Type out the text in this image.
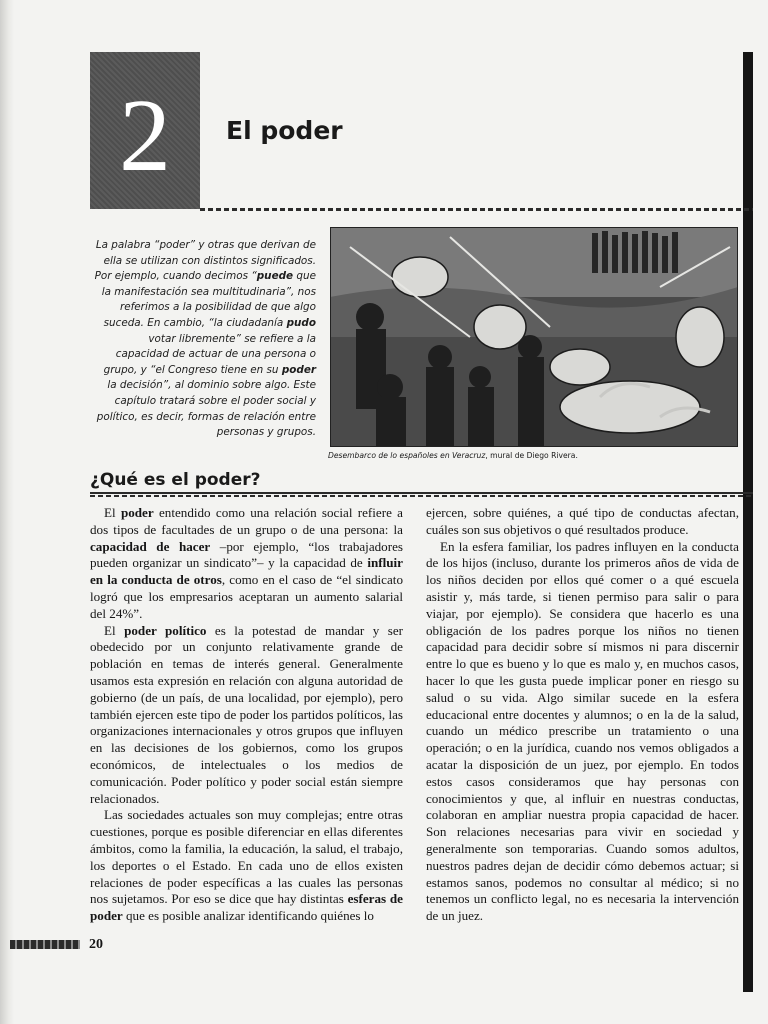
2 El poder
La palabra “poder” y otras que derivan de ella se utilizan con distintos significados. Por ejemplo, cuando decimos “puede que la manifestación sea multitudinaria”, nos referimos a la posibilidad de que algo suceda. En cambio, “la ciudadanía pudo votar libremente” se refiere a la capacidad de actuar de una persona o grupo, y “el Congreso tiene en su poder la decisión”, al dominio sobre algo. Este capítulo tratará sobre el poder social y político, es decir, formas de relación entre personas y grupos.
Desembarco de lo españoles en Veracruz, mural de Diego Rivera.
¿Qué es el poder?

El poder entendido como una relación social refiere a dos tipos de facultades de un grupo o de una persona: la capacidad de hacer –por ejemplo, “los trabajadores pueden organizar un sindicato”– y la capacidad de influir en la conducta de otros, como en el caso de “el sindicato logró que los empresarios aceptaran un aumento salarial del 24%”.

El poder político es la potestad de mandar y ser obedecido por un conjunto relativamente grande de población en temas de interés general. Generalmente usamos esta expresión en relación con alguna autoridad de gobierno (de un país, de una localidad, por ejemplo), pero también ejercen este tipo de poder los partidos políticos, las organizaciones internacionales y otros grupos que influyen en las decisiones de los gobiernos, como los grupos económicos, de intelectuales o los medios de comunicación. Poder político y poder social están siempre relacionados.

Las sociedades actuales son muy complejas; entre otras cuestiones, porque es posible diferenciar en ellas diferentes ámbitos, como la familia, la educación, la salud, el trabajo, los deportes o el Estado. En cada uno de ellos existen relaciones de poder específicas a las cuales las personas nos sujetamos. Por eso se dice que hay distintas esferas de poder que es posible analizar identificando quiénes lo

ejercen, sobre quiénes, a qué tipo de conductas afectan, cuáles son sus objetivos o qué resultados produce.

En la esfera familiar, los padres influyen en la conducta de los hijos (incluso, durante los primeros años de vida de los niños deciden por ellos qué comer o a qué escuela asistir y, más tarde, si tienen permiso para salir o para viajar, por ejemplo). Se considera que hacerlo es una obligación de los padres porque los niños no tienen capacidad para decidir sobre sí mismos ni para discernir entre lo que es bueno y lo que es malo y, en muchos casos, hacer lo que les gusta puede implicar poner en riesgo su salud o su vida. Algo similar sucede en la esfera educacional entre docentes y alumnos; o en la de la salud, cuando un médico prescribe un tratamiento o una operación; o en la jurídica, cuando nos vemos obligados a acatar la disposición de un juez, por ejemplo. En todos estos casos consideramos que hay personas con conocimientos y que, al influir en nuestras conductas, colaboran en ampliar nuestra propia capacidad de hacer. Son relaciones necesarias para vivir en sociedad y generalmente son temporarias. Cuando somos adultos, nuestros padres dejan de decidir cómo debemos actuar; si estamos sanos, podemos no consultar al médico; si no tenemos un conflicto legal, no es necesaria la intervención de un juez.

20
